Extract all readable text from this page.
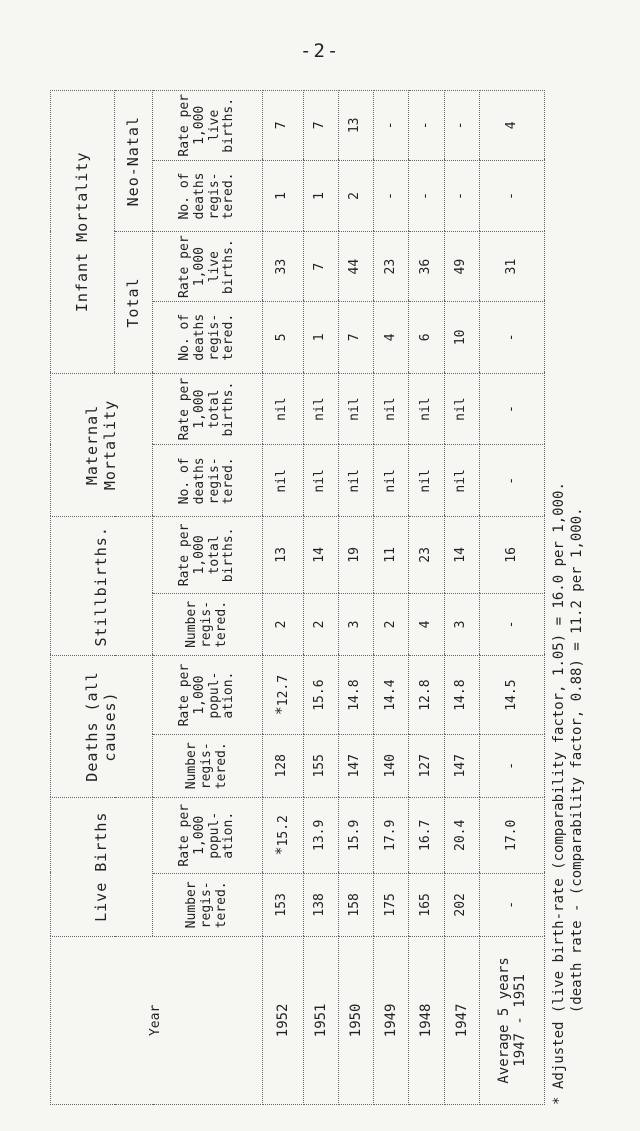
-2-
Year	Live Births		Deaths (all causes)		Stillbirths.		Maternal Mortality		Infant Mortality			
									Total		Neo-Natal	
	Number regis-tered.	Rate per 1,000 popul-ation.	Number regis-tered.	Rate per 1,000 popul-ation.	Number regis-tered.	Rate per 1,000 total births.	No. of deaths regis-tered.	Rate per 1,000 total births.	No. of deaths regis-tered.	Rate per 1,000 live births.	No. of deaths regis-tered.	Rate per 1,000 live births.
1952	153	*15.2	128	*12.7	2	13	nil	nil	5	33	1	7
1951	138	13.9	155	15.6	2	14	nil	nil	1	7	1	7
1950	158	15.9	147	14.8	3	19	nil	nil	7	44	2	13
1949	175	17.9	140	14.4	2	11	nil	nil	4	23	-	-
1948	165	16.7	127	12.8	4	23	nil	nil	6	36	-	-
1947	202	20.4	147	14.8	3	14	nil	nil	10	49	-	-
Average 5 years 1947 - 1951	-	17.0	-	14.5	-	16	-	-	-	31	-	4
*Adjusted (live birth-rate (comparability factor, 1.05) = 16.0 per 1,000. (death rate - (comparability factor, 0.88) = 11.2 per 1,000.
